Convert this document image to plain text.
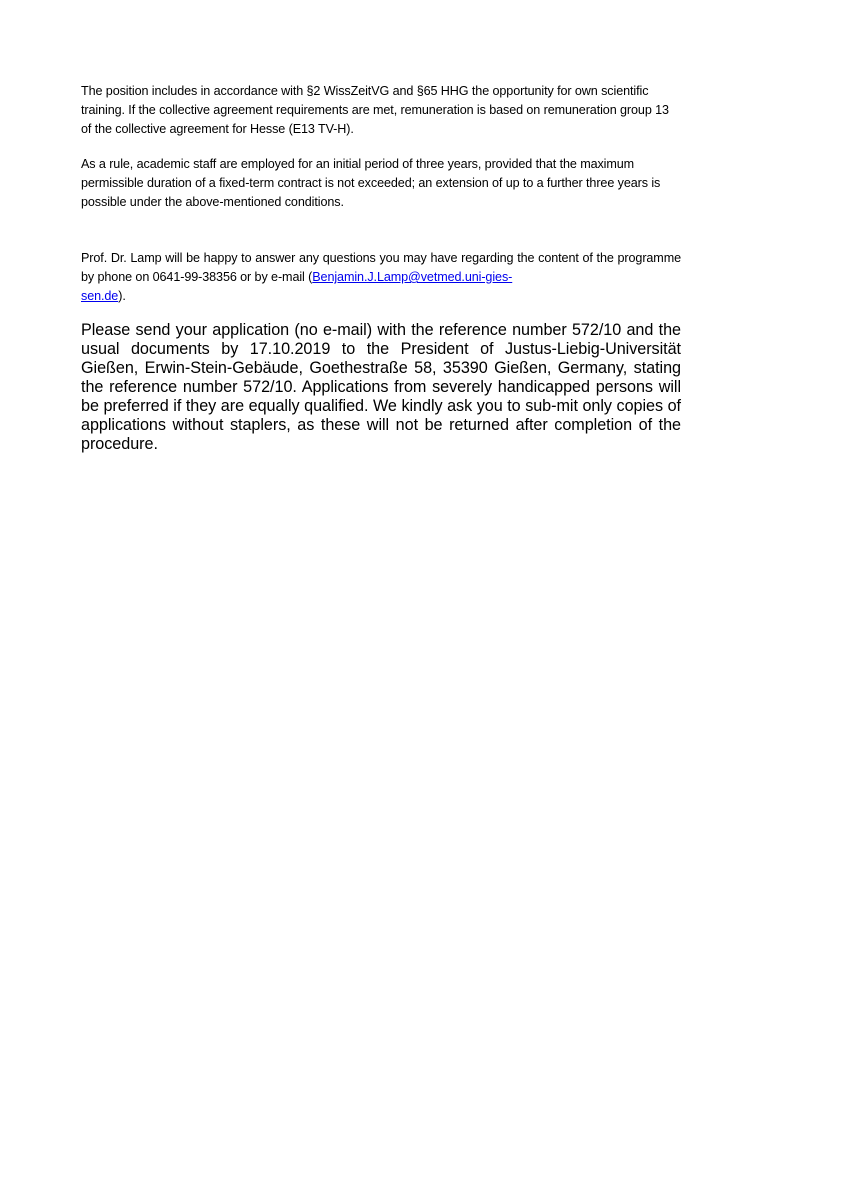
The position includes in accordance with §2 WissZeitVG and §65 HHG the opportunity for own scientific training. If the collective agreement requirements are met, remuneration is based on remuneration group 13 of the collective agreement for Hesse (E13 TV-H).

As a rule, academic staff are employed for an initial period of three years, provided that the maximum permissible duration of a fixed-term contract is not exceeded; an extension of up to a further three years is possible under the above-mentioned conditions.

Prof. Dr. Lamp will be happy to answer any questions you may have regarding the content of the programme by phone on 0641-99-38356 or by e-mail (Benjamin.J.Lamp@vetmed.uni-gies-
sen.de).

Please send your application (no e-mail) with the reference number 572/10 and the usual documents by 17.10.2019 to the President of Justus-Liebig-Universität Gießen, Erwin-Stein-Gebäude, Goethestraße 58, 35390 Gießen, Germany, stating the reference number 572/10. Applications from severely handicapped persons will be preferred if they are equally qualified. We kindly ask you to sub-mit only copies of applications without staplers, as these will not be returned after completion of the procedure.
